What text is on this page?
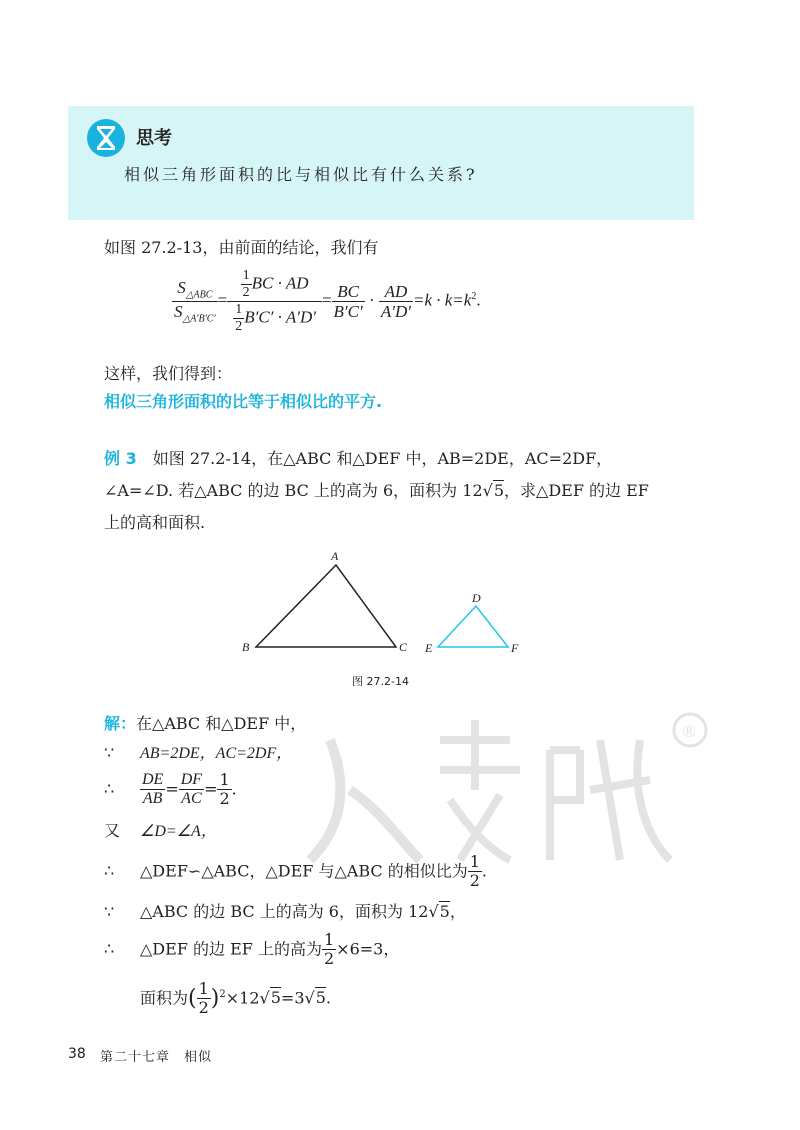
思考
相似三角形面积的比与相似比有什么关系?
如图 27.2-13，由前面的结论，我们有
$\frac{S_{\triangle ABC}}{S_{\triangle A'B'C'}} = \frac{\frac{1}{2} BC \cdot AD}{\frac{1}{2} B'C' \cdot A'D'} = \frac{BC}{B'C'} \cdot \frac{AD}{A'D'} =k \cdot k=k^2$.
这样，我们得到：
相似三角形面积的比等于相似比的平方.
例 3　 如图 27.2-14，在△ABC 和△DEF 中，AB=2DE，AC=2DF，
∠A=∠D. 若△ABC 的边 BC 上的高为 6，面积为 12√5，求△DEF 的边 EF
上的高和面积.
A
B	C
D
E	F
图 27.2-14
®
解：在△ABC 和△DEF 中，
∵ AB=2DE，AC=2DF，
∴ $\frac{DE}{AB} = \frac{DF}{AC} = \frac{1}{2}$ .
又 ∠D=∠A，
∴ △DEF∽△ABC，△DEF 与△ABC 的相似比为 $\frac{1}{2}$ .
∵ △ABC 的边 BC 上的高为 6，面积为 12√5，
∴ △DEF 的边 EF 上的高为 $\frac{1}{2} \times 6=3$，
面积为( $\frac{1}{2} )^2\times 12√5=3√5$.
38 第二十七章　相似
